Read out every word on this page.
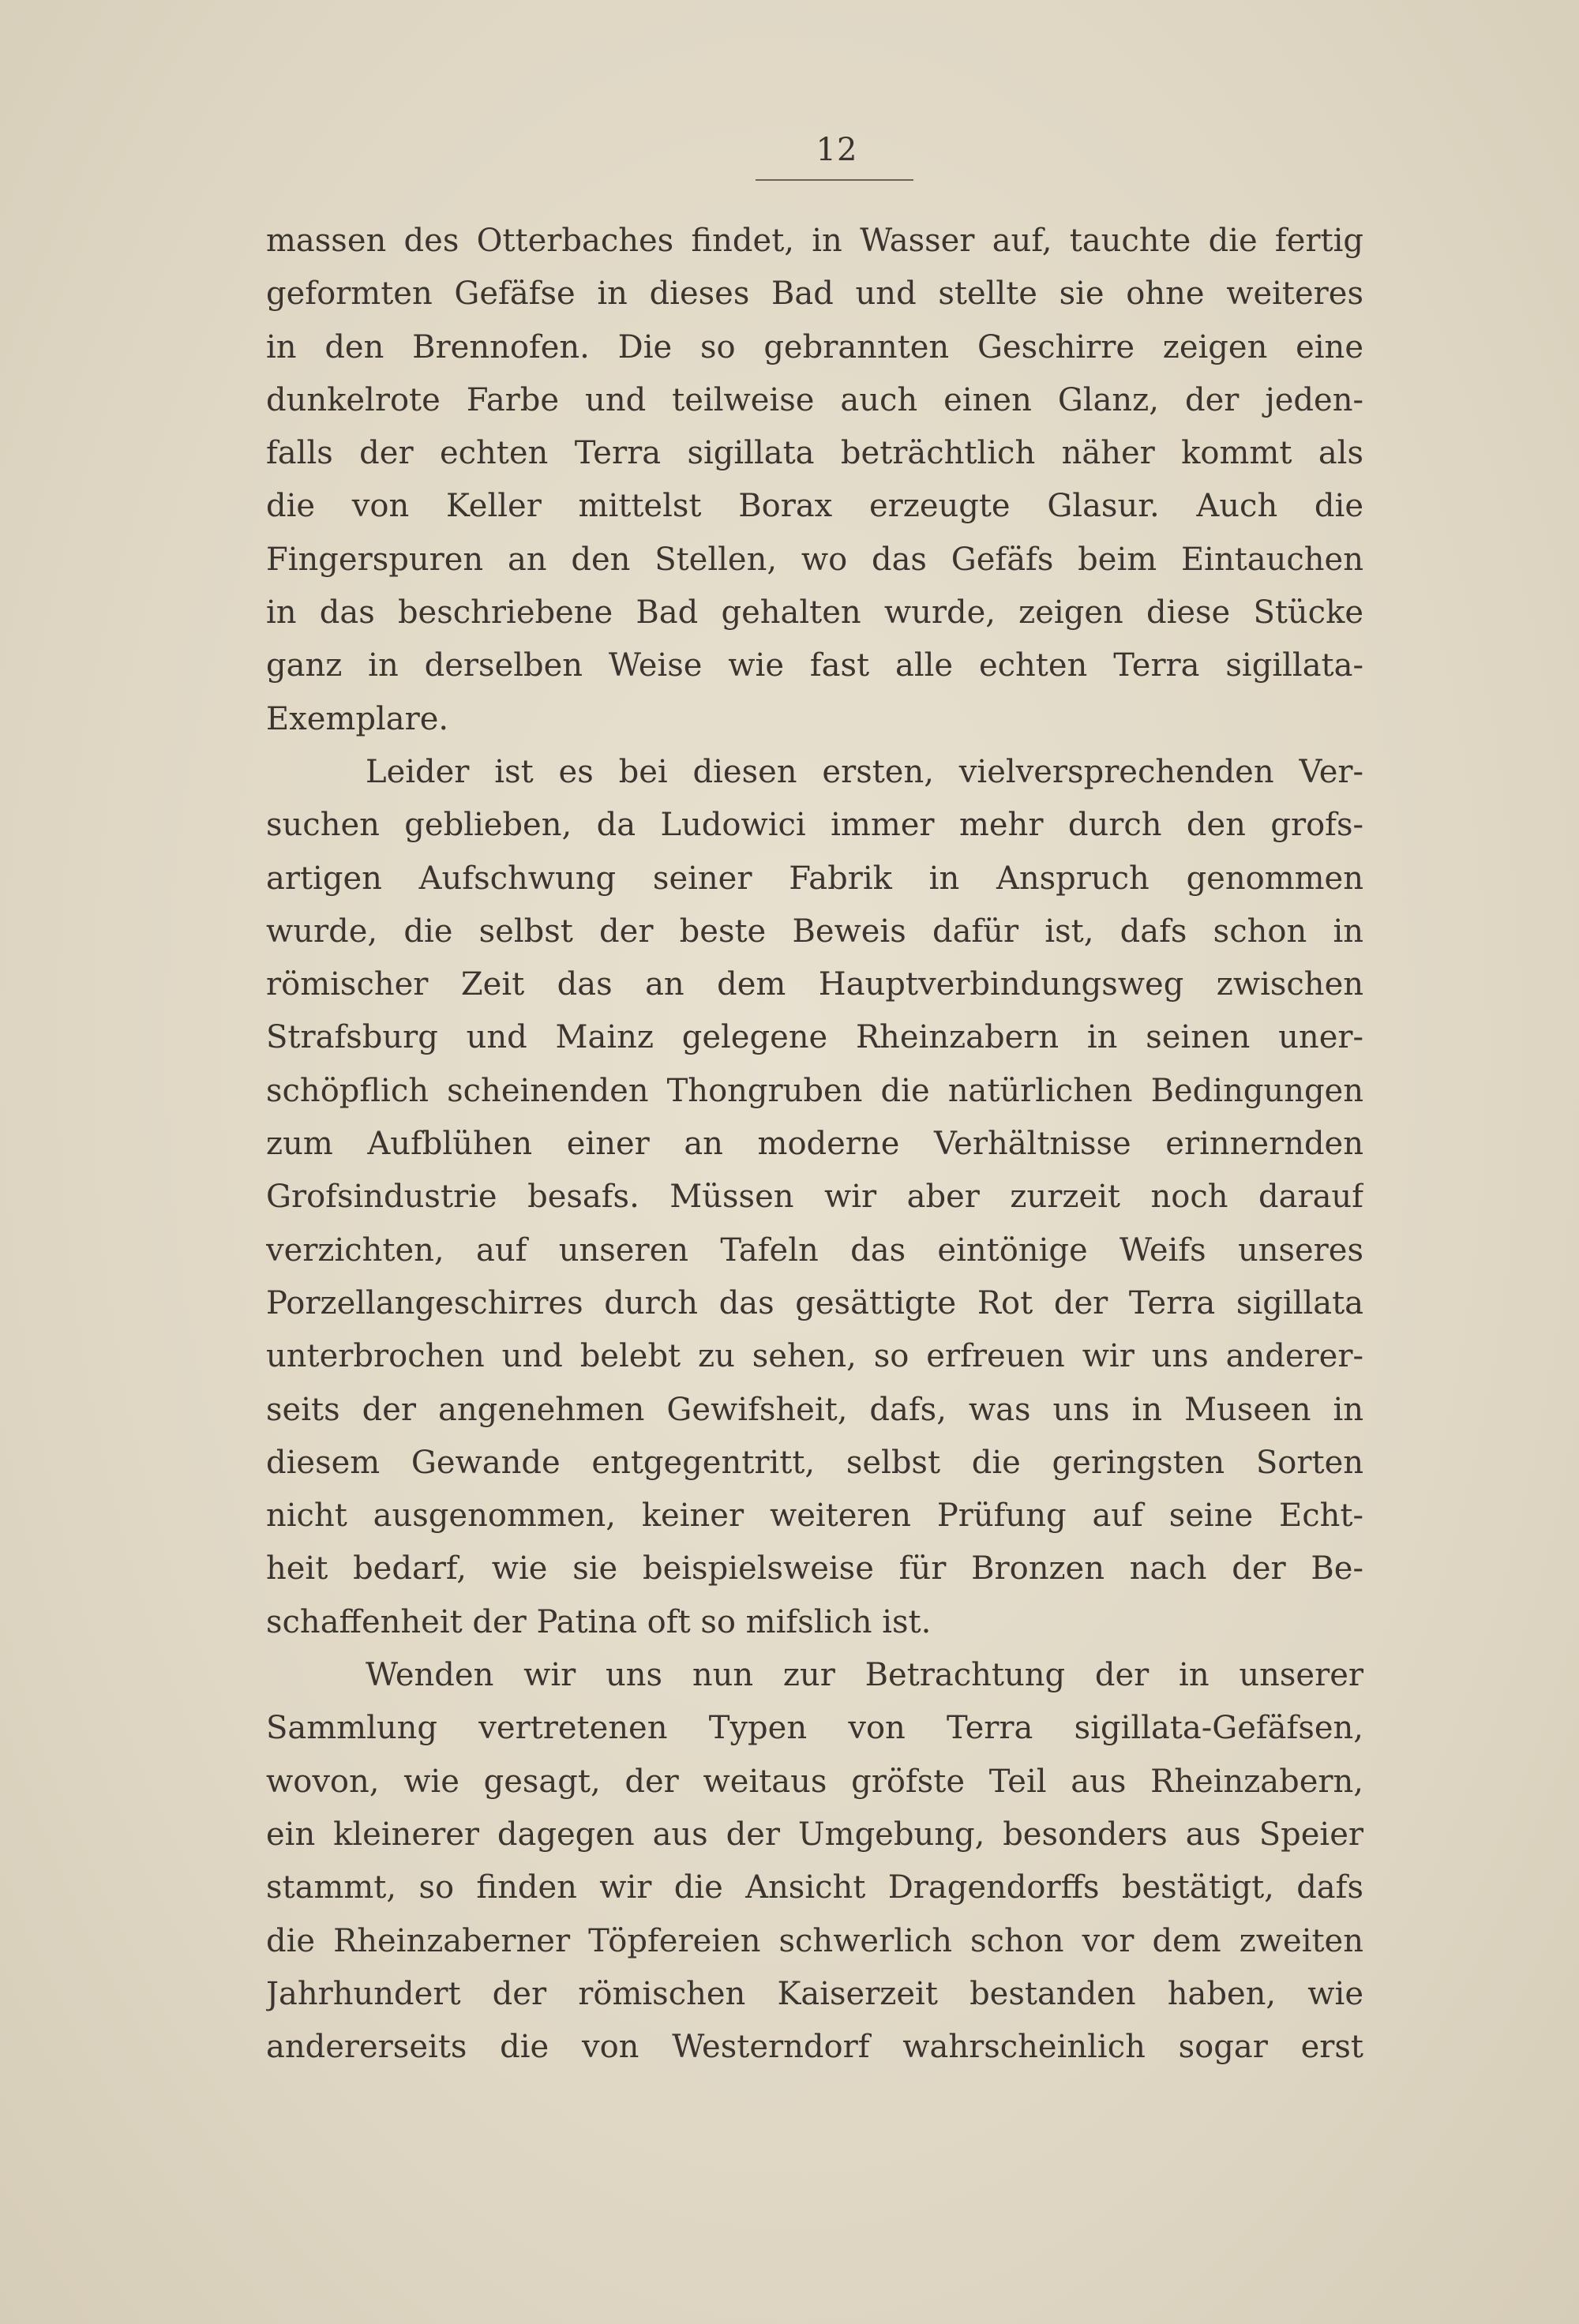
12
massen des Otterbaches findet, in Wasser auf, tauchte die fertig
geformten Gefäfse in dieses Bad und stellte sie ohne weiteres
in den Brennofen. Die so gebrannten Geschirre zeigen eine
dunkelrote Farbe und teilweise auch einen Glanz, der jeden-
falls der echten Terra sigillata beträchtlich näher kommt als
die von Keller mittelst Borax erzeugte Glasur. Auch die
Fingerspuren an den Stellen, wo das Gefäfs beim Eintauchen
in das beschriebene Bad gehalten wurde, zeigen diese Stücke
ganz in derselben Weise wie fast alle echten Terra sigillata-
Exemplare.
Leider ist es bei diesen ersten, vielversprechenden Ver-
suchen geblieben, da Ludowici immer mehr durch den grofs-
artigen Aufschwung seiner Fabrik in Anspruch genommen
wurde, die selbst der beste Beweis dafür ist, dafs schon in
römischer Zeit das an dem Hauptverbindungsweg zwischen
Strafsburg und Mainz gelegene Rheinzabern in seinen uner-
schöpflich scheinenden Thongruben die natürlichen Bedingungen
zum Aufblühen einer an moderne Verhältnisse erinnernden
Grofsindustrie besafs. Müssen wir aber zurzeit noch darauf
verzichten, auf unseren Tafeln das eintönige Weifs unseres
Porzellangeschirres durch das gesättigte Rot der Terra sigillata
unterbrochen und belebt zu sehen, so erfreuen wir uns anderer-
seits der angenehmen Gewifsheit, dafs, was uns in Museen in
diesem Gewande entgegentritt, selbst die geringsten Sorten
nicht ausgenommen, keiner weiteren Prüfung auf seine Echt-
heit bedarf, wie sie beispielsweise für Bronzen nach der Be-
schaffenheit der Patina oft so mifslich ist.
Wenden wir uns nun zur Betrachtung der in unserer
Sammlung vertretenen Typen von Terra sigillata-Gefäfsen,
wovon, wie gesagt, der weitaus gröfste Teil aus Rheinzabern,
ein kleinerer dagegen aus der Umgebung, besonders aus Speier
stammt, so finden wir die Ansicht Dragendorffs bestätigt, dafs
die Rheinzaberner Töpfereien schwerlich schon vor dem zweiten
Jahrhundert der römischen Kaiserzeit bestanden haben, wie
andererseits die von Westerndorf wahrscheinlich sogar erst
